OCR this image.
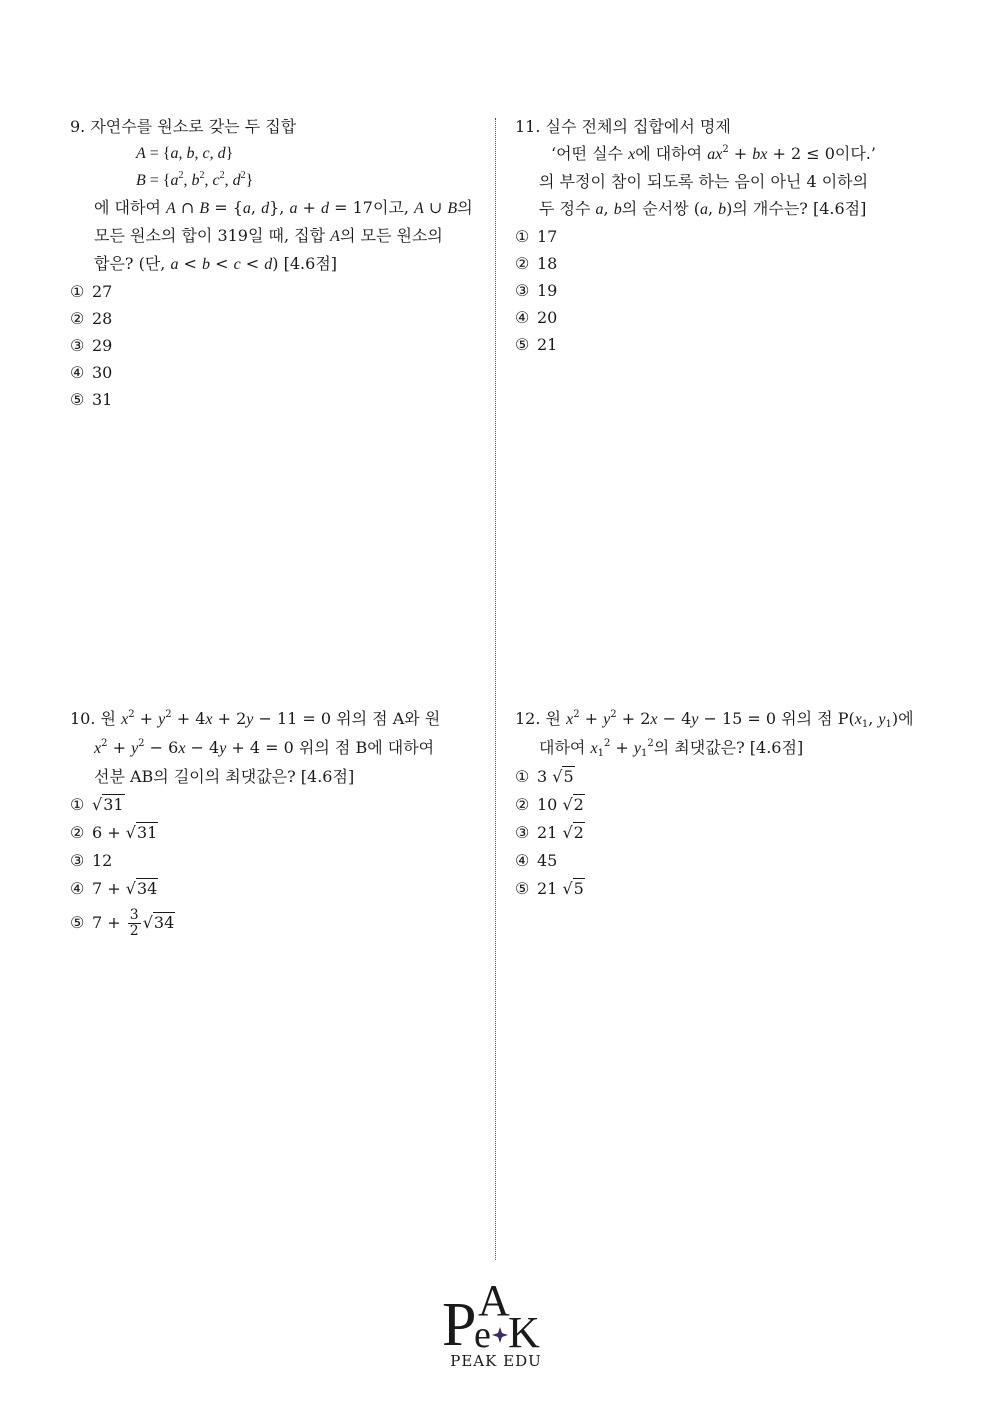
9. 자연수를 원소로 갖는 두 집합
A = {a, b, c, d}
$B = \{a^2$, $b^2$, $c^2$, $d^2$}
에 대하여 A ∩ B = {a, d}, a + d = 17이고, A ∪ B의
모든 원소의 합이 319일 때, 집합 A의 모든 원소의
합은? (단, a < b < c < d) [4.6점]
① 27
② 28
③ 29
④ 30
⑤ 31
11. 실수 전체의 집합에서 명제
‘어떤 실수 x에 대하여 $ax^2$ + bx + 2 ≤ 0이다.’
의 부정이 참이 되도록 하는 음이 아닌 4 이하의
두 정수 a, b의 순서쌍 (a, b)의 개수는? [4.6점]
① 17
② 18
③ 19
④ 20
⑤ 21
10. 원 $x^2 + y^2 + 4x + 2y - 11 = 0$ 위의 점 A와 원
$x^2 + y^2 - 6x - 4y + 4 = 0$ 위의 점 B에 대하여
선분 AB의 길이의 최댓값은? [4.6점]
① √31
② 6 + √31
③ 12
④ 7 + √34
⑤ $7 + \frac{3}{2} √34$
12. 원 $x^2 + y^2 + 2x - 4y - 15 = 0$ 위의 점 $P(x_1$, $y_1$)에
대하여 $x_1^2 + y_1^2$의 최댓값은? [4.6점]
① 3 √5
② 10 √2
③ 21 √2
④ 45
⑤ 21 √5
P
e
A
K
PEAK EDU
